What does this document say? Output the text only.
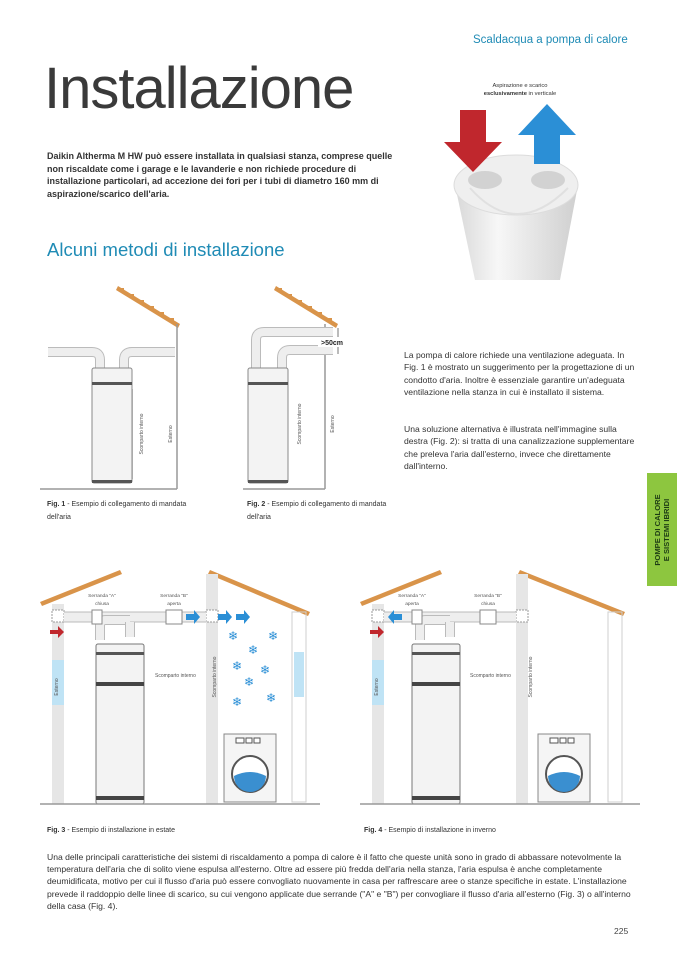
Scaldacqua a pompa di calore
Installazione
Daikin Altherma M HW può essere installata in qualsiasi stanza, comprese quelle non riscaldate come i garage e le lavanderie e non richiede procedure di installazione particolari, ad accezione dei fori per i tubi di diametro 160 mm di aspirazione/scarico dell'aria.
Aspirazione e scarico
esclusivamente in verticale
Alcuni metodi di installazione
Scomparto interno	Esterno
>50cm
Scomparto interno	Esterno
La pompa di calore richiede una ventilazione adeguata. In Fig. 1 è mostrato un suggerimento per la progettazione di un condotto d'aria. Inoltre è essenziale garantire un'adeguata ventilazione nella stanza in cui è installato il sistema.
Una soluzione alternativa è illustrata nell'immagine sulla destra (Fig. 2): si tratta di una canalizzazione supplementare che preleva l'aria dall'esterno, invece che direttamente dall'interno.
Fig. 1 - Esempio di collegamento di mandata dell'aria
Fig. 2 - Esempio di collegamento di mandata dell'aria	POMPE DI CALORE E SISTEMI IBRIDI
Serranda "A"
chiusa
Serranda "B"
aperta
Scomparto interno
Esterno	Scomparto interno
❄ ❄
❄
❄ ❄
❄
❄
❄
Serranda "A"
aperta
Serranda "B"
chiusa
Scomparto interno
Esterno	Scomparto interno
Fig. 3 - Esempio di installazione in estate	Fig. 4 - Esempio di installazione in inverno
Una delle principali caratteristiche dei sistemi di riscaldamento a pompa di calore è il fatto che queste unità sono in grado di abbassare notevolmente la temperatura dell'aria che di solito viene espulsa all'esterno. Oltre ad essere più fredda dell'aria nella stanza, l'aria espulsa è anche completamente deumidificata, motivo per cui il flusso d'aria può essere convogliato nuovamente in casa per raffrescare aree o stanze specifiche in estate. L'installazione prevede il raddoppio delle linee di scarico, su cui vengono applicate due serrande ("A" e "B") per convogliare il flusso d'aria all'esterno (Fig. 3) o all'interno della casa (Fig. 4).
225
